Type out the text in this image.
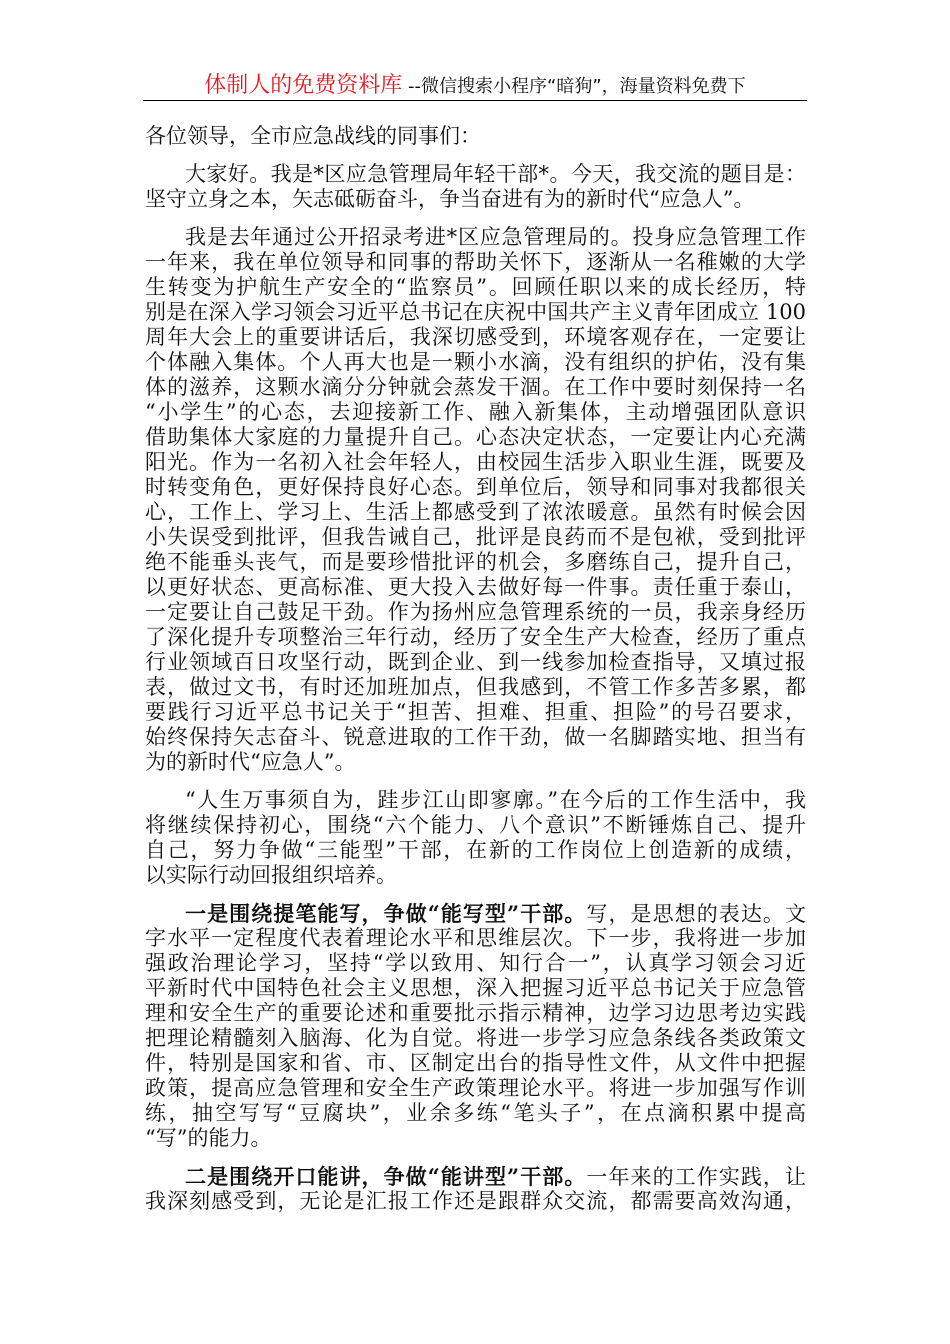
体制人的免费资料库 --微信搜索小程序“暗狗”，海量资料免费下
各位领导，全市应急战线的同事们：
大家好。我是*区应急管理局年轻干部*。今天，我交流的题目是：
坚守立身之本，矢志砥砺奋斗，争当奋进有为的新时代“应急人”。
我是去年通过公开招录考进*区应急管理局的。投身应急管理工作
一年来，我在单位领导和同事的帮助关怀下，逐渐从一名稚嫩的大学
生转变为护航生产安全的“监察员”。回顾任职以来的成长经历，特
别是在深入学习领会习近平总书记在庆祝中国共产主义青年团成立 100
周年大会上的重要讲话后，我深切感受到，环境客观存在，一定要让
个体融入集体。个人再大也是一颗小水滴，没有组织的护佑，没有集
体的滋养，这颗水滴分分钟就会蒸发干涸。在工作中要时刻保持一名
“小学生”的心态，去迎接新工作、融入新集体，主动增强团队意识
借助集体大家庭的力量提升自己。心态决定状态，一定要让内心充满
阳光。作为一名初入社会年轻人，由校园生活步入职业生涯，既要及
时转变角色，更好保持良好心态。到单位后，领导和同事对我都很关
心，工作上、学习上、生活上都感受到了浓浓暖意。虽然有时候会因
小失误受到批评，但我告诫自己，批评是良药而不是包袱，受到批评
绝不能垂头丧气，而是要珍惜批评的机会，多磨练自己，提升自己，
以更好状态、更高标准、更大投入去做好每一件事。责任重于泰山，
一定要让自己鼓足干劲。作为扬州应急管理系统的一员，我亲身经历
了深化提升专项整治三年行动，经历了安全生产大检查，经历了重点
行业领域百日攻坚行动，既到企业、到一线参加检查指导，又填过报
表，做过文书，有时还加班加点，但我感到，不管工作多苦多累，都
要践行习近平总书记关于“担苦、担难、担重、担险”的号召要求，
始终保持矢志奋斗、锐意进取的工作干劲，做一名脚踏实地、担当有
为的新时代“应急人”。
“人生万事须自为，跬步江山即寥廓。”在今后的工作生活中，我
将继续保持初心，围绕“六个能力、八个意识”不断锤炼自己、提升
自己，努力争做“三能型”干部，在新的工作岗位上创造新的成绩，
以实际行动回报组织培养。
一是围绕提笔能写，争做“能写型”干部。写，是思想的表达。文
字水平一定程度代表着理论水平和思维层次。下一步，我将进一步加
强政治理论学习，坚持“学以致用、知行合一”，认真学习领会习近
平新时代中国特色社会主义思想，深入把握习近平总书记关于应急管
理和安全生产的重要论述和重要批示指示精神，边学习边思考边实践
把理论精髓刻入脑海、化为自觉。将进一步学习应急条线各类政策文
件，特别是国家和省、市、区制定出台的指导性文件，从文件中把握
政策，提高应急管理和安全生产政策理论水平。将进一步加强写作训
练，抽空写写“豆腐块”，业余多练“笔头子”，在点滴积累中提高
“写”的能力。
二是围绕开口能讲，争做“能讲型”干部。一年来的工作实践，让
我深刻感受到，无论是汇报工作还是跟群众交流，都需要高效沟通，
